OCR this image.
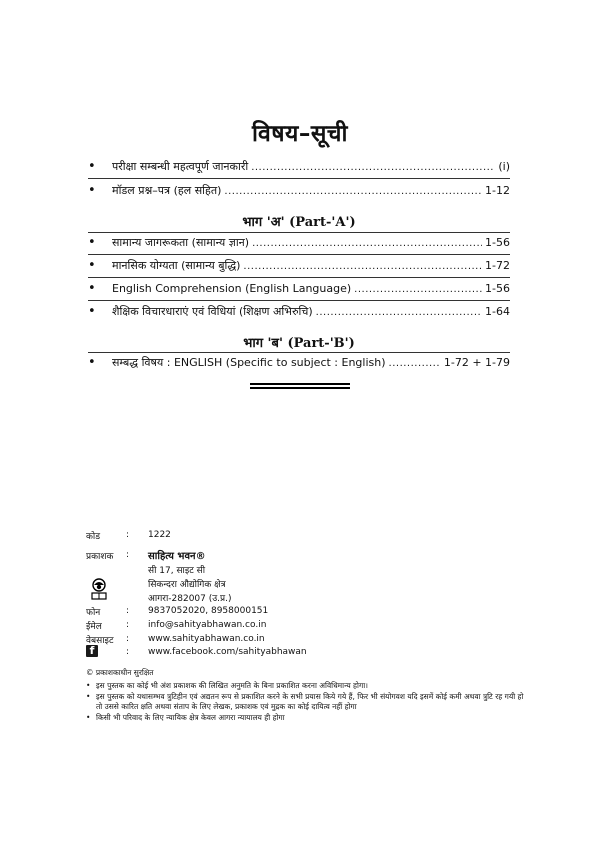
विषय–सूची
•	परीक्षा सम्बन्धी महत्वपूर्ण जानकारी .....	(i)
•	मॉडल प्रश्न–पत्र (हल सहित) .....	1-12
भाग 'अ' (Part-'A')
•	सामान्य जागरूकता (सामान्य ज्ञान) .....	1-56
•	मानसिक योग्यता (सामान्य बुद्धि) .....	1-72
•	English Comprehension (English Language) .....	1-56
•	शैक्षिक विचारधाराएं एवं विधियां (शिक्षण अभिरुचि) .....	1-64
भाग 'ब' (Part-'B')
•	सम्बद्ध विषय : ENGLISH (Specific to subject : English) .....	1-72 + 1-79
कोड	:	1222
प्रकाशक	:	साहित्य भवन®
सी 17, साइट सी
सिकन्दरा औद्योगिक क्षेत्र
आगरा-282007 (उ.प्र.)
फोन	:	9837052020, 8958000151
ईमेल	:	info@sahityabhawan.co.in
वेबसाइट	:	www.sahityabhawan.co.in
f	:	www.facebook.com/sahityabhawan
© प्रकाशकाधीन सुरक्षित
• इस पुस्तक का कोई भी अंश प्रकाशक की लिखित अनुमति के बिना प्रकाशित करना अविधिमान्य होगा।
• इस पुस्तक को यथासम्भव त्रुटिहीन एवं अद्यतन रूप से प्रकाशित करने के सभी प्रयास किये गये हैं, फिर भी संयोगवश यदि इसमें कोई कमी अथवा त्रुटि रह गयी हो तो उससे कारित क्षति अथवा संताप के लिए लेखक, प्रकाशक एवं मुद्रक का कोई दायित्व नहीं होगा
• किसी भी परिवाद के लिए न्यायिक क्षेत्र केवल आगरा न्यायालय ही होगा
